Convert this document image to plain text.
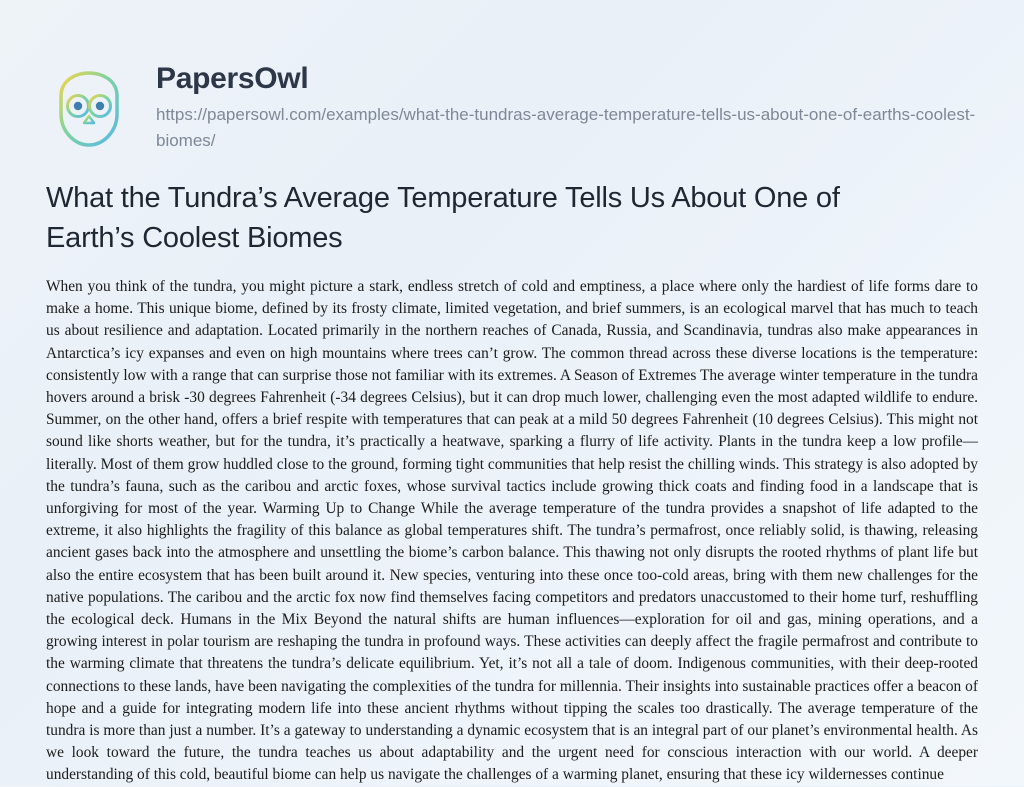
PapersOwl
https://papersowl.com/examples/what-the-tundras-average-temperature-tells-us-about-one-of-earths-coolest-biomes/
What the Tundra’s Average Temperature Tells Us About One of Earth’s Coolest Biomes
When you think of the tundra, you might picture a stark, endless stretch of cold and emptiness, a place where only the hardiest of life forms dare to make a home. This unique biome, defined by its frosty climate, limited vegetation, and brief summers, is an ecological marvel that has much to teach us about resilience and adaptation. Located primarily in the northern reaches of Canada, Russia, and Scandinavia, tundras also make appearances in Antarctica’s icy expanses and even on high mountains where trees can’t grow. The common thread across these diverse locations is the temperature: consistently low with a range that can surprise those not familiar with its extremes. A Season of Extremes The average winter temperature in the tundra hovers around a brisk -30 degrees Fahrenheit (-34 degrees Celsius), but it can drop much lower, challenging even the most adapted wildlife to endure. Summer, on the other hand, offers a brief respite with temperatures that can peak at a mild 50 degrees Fahrenheit (10 degrees Celsius). This might not sound like shorts weather, but for the tundra, it’s practically a heatwave, sparking a flurry of life activity. Plants in the tundra keep a low profile—literally. Most of them grow huddled close to the ground, forming tight communities that help resist the chilling winds. This strategy is also adopted by the tundra’s fauna, such as the caribou and arctic foxes, whose survival tactics include growing thick coats and finding food in a landscape that is unforgiving for most of the year. Warming Up to Change While the average temperature of the tundra provides a snapshot of life adapted to the extreme, it also highlights the fragility of this balance as global temperatures shift. The tundra’s permafrost, once reliably solid, is thawing, releasing ancient gases back into the atmosphere and unsettling the biome’s carbon balance. This thawing not only disrupts the rooted rhythms of plant life but also the entire ecosystem that has been built around it. New species, venturing into these once too-cold areas, bring with them new challenges for the native populations. The caribou and the arctic fox now find themselves facing competitors and predators unaccustomed to their home turf, reshuffling the ecological deck. Humans in the Mix Beyond the natural shifts are human influences—exploration for oil and gas, mining operations, and a growing interest in polar tourism are reshaping the tundra in profound ways. These activities can deeply affect the fragile permafrost and contribute to the warming climate that threatens the tundra’s delicate equilibrium. Yet, it’s not all a tale of doom. Indigenous communities, with their deep-rooted connections to these lands, have been navigating the complexities of the tundra for millennia. Their insights into sustainable practices offer a beacon of hope and a guide for integrating modern life into these ancient rhythms without tipping the scales too drastically. The average temperature of the tundra is more than just a number. It’s a gateway to understanding a dynamic ecosystem that is an integral part of our planet’s environmental health. As we look toward the future, the tundra teaches us about adaptability and the urgent need for conscious interaction with our world. A deeper understanding of this cold, beautiful biome can help us navigate the challenges of a warming planet, ensuring that these icy wildernesses continue
